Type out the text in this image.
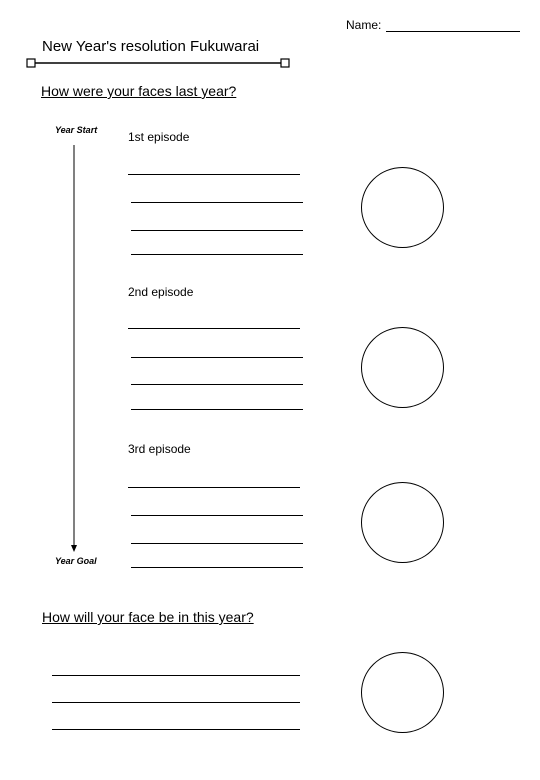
Name:
New Year's resolution Fukuwarai
How were your faces last year?
Year Start
Year Goal
1st episode
2nd episode
3rd episode
How will your face be in this year?
